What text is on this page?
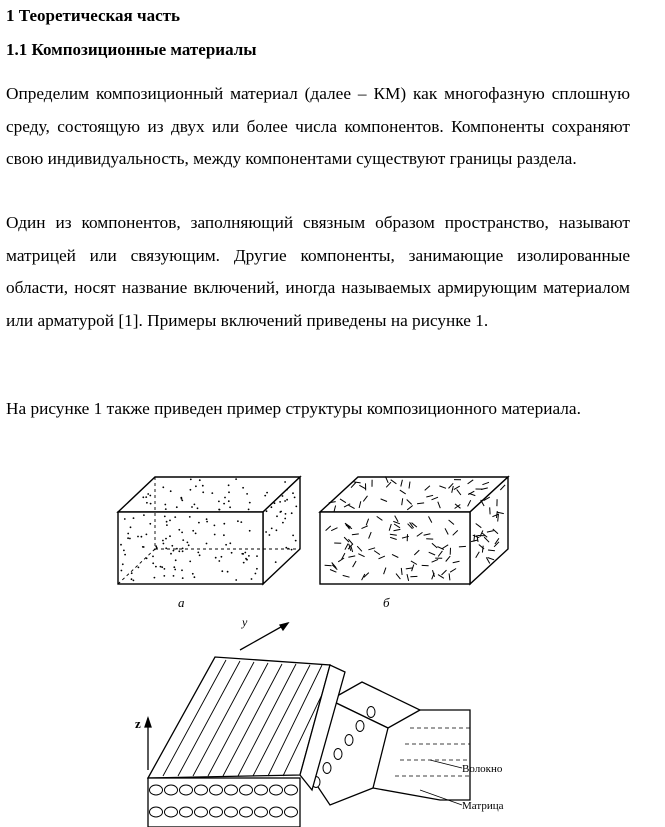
1 Теоретическая часть
1.1 Композиционные материалы

Определим композиционный материал (далее – КМ) как многофазную сплошную среду, состоящую из двух или более числа компонентов. Компоненты сохраняют свою индивидуальность, между компонентами существуют границы раздела.

Один из компонентов, заполняющий связным образом пространство, называют матрицей или связующим. Другие компоненты, занимающие изолированные области, носят название включений, иногда называемых армирующим материалом или арматурой [1]. Примеры включений приведены на рисунке 1.

На рисунке 1 также приведен пример структуры композиционного материала.

а	б
y
z
Волокно
Матрица
